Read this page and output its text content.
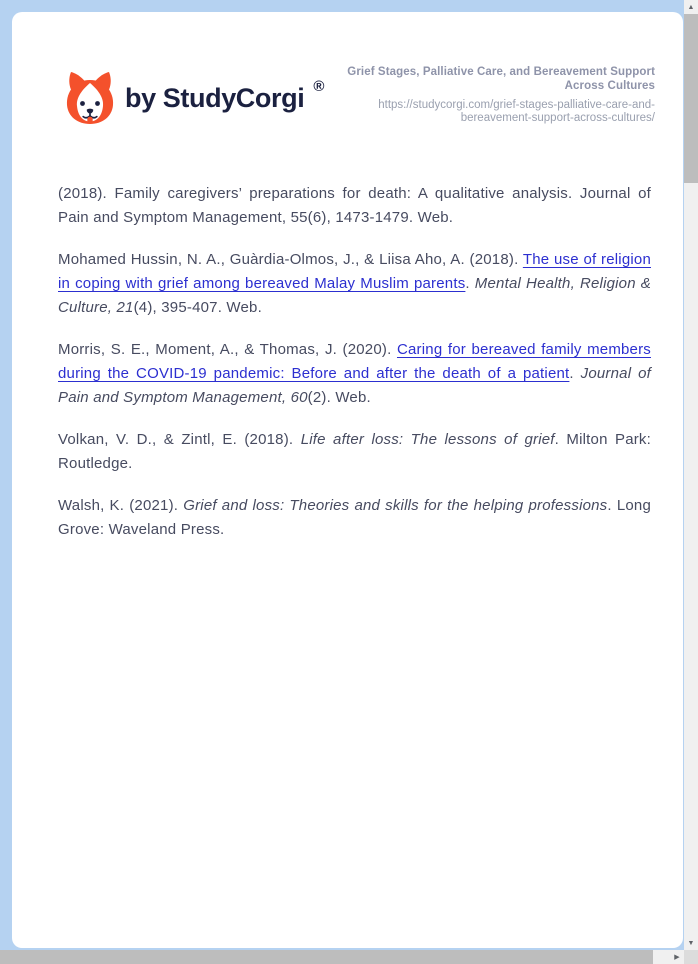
by StudyCorgi ®
Grief Stages, Palliative Care, and Bereavement Support Across Cultures
https://studycorgi.com/grief-stages-palliative-care-and-bereavement-support-across-cultures/

(2018). Family caregivers’ preparations for death: A qualitative analysis. Journal of Pain and Symptom Management, 55(6), 1473-1479. Web.

Mohamed Hussin, N. A., Guàrdia-Olmos, J., & Liisa Aho, A. (2018). The use of religion in coping with grief among bereaved Malay Muslim parents. Mental Health, Religion & Culture, 21(4), 395-407. Web.

Morris, S. E., Moment, A., & Thomas, J. (2020). Caring for bereaved family members during the COVID-19 pandemic: Before and after the death of a patient. Journal of Pain and Symptom Management, 60(2). Web.

Volkan, V. D., & Zintl, E. (2018). Life after loss: The lessons of grief. Milton Park: Routledge.

Walsh, K. (2021). Grief and loss: Theories and skills for the helping professions. Long Grove: Waveland Press.

▲
▼
▶
